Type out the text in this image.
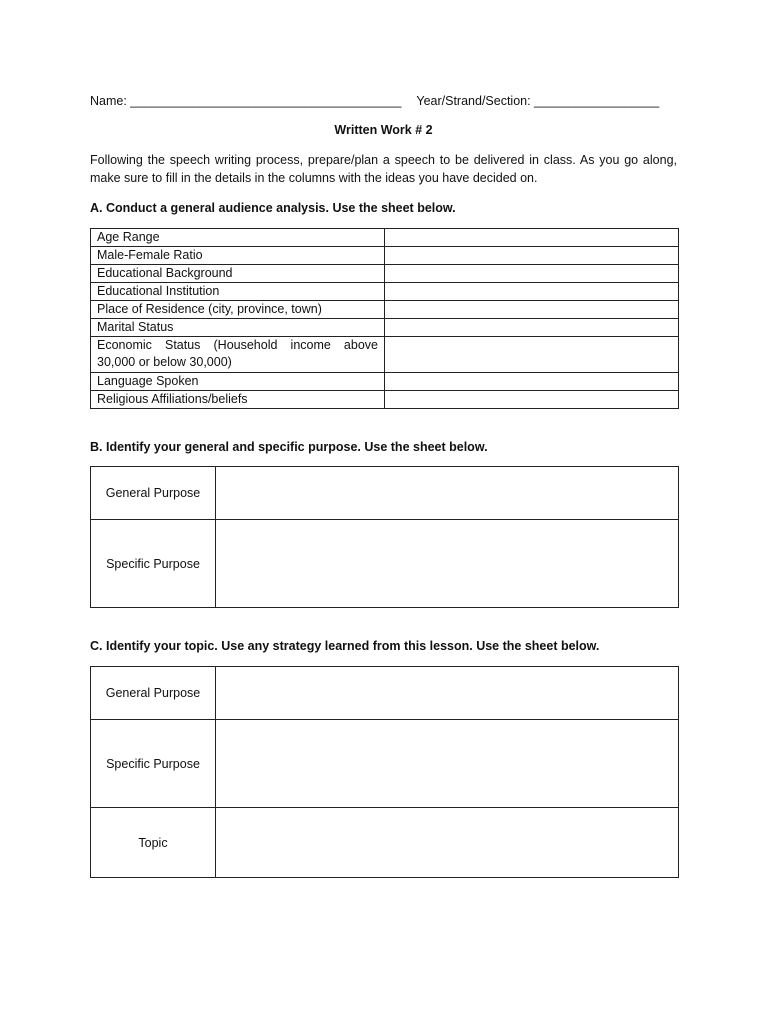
Name: _______________________________________ Year/Strand/Section: __________________
Written Work # 2
Following the speech writing process, prepare/plan a speech to be delivered in class. As you go along, make sure to fill in the details in the columns with the ideas you have decided on.
A. Conduct a general audience analysis. Use the sheet below.
Age Range	
Male-Female Ratio	
Educational Background	
Educational Institution	
Place of Residence (city, province, town)	
Marital Status	
Economic Status (Household income above 30,000 or below 30,000)	
Language Spoken	
Religious Affiliations/beliefs	
B. Identify your general and specific purpose. Use the sheet below.
General Purpose	
Specific Purpose	
C. Identify your topic. Use any strategy learned from this lesson. Use the sheet below.
General Purpose	
Specific Purpose	
Topic	
